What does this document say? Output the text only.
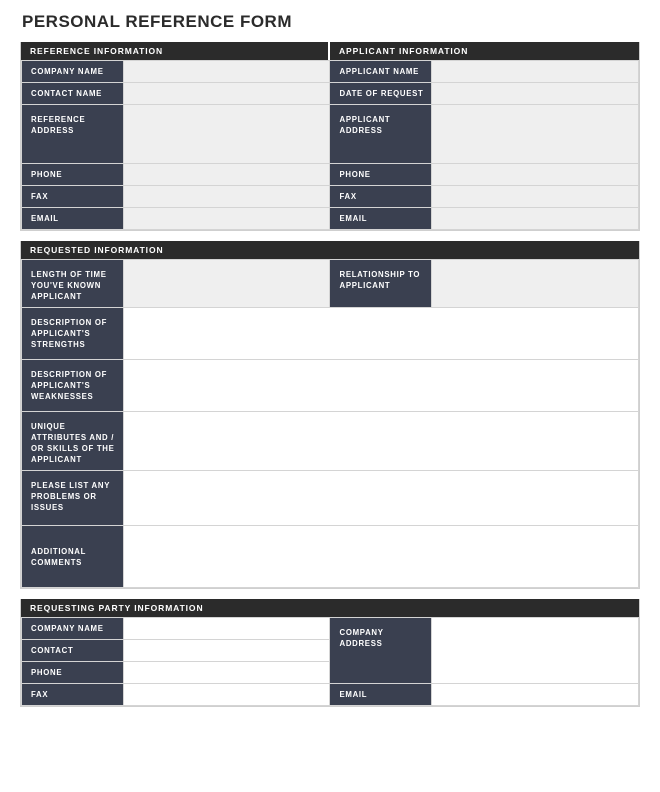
PERSONAL REFERENCE FORM
REFERENCE INFORMATION	APPLICANT INFORMATION
COMPANY NAME		APPLICANT NAME	
CONTACT NAME		DATE OF REQUEST	
REFERENCE ADDRESS		APPLICANT ADDRESS	
PHONE		PHONE	
FAX		FAX	
EMAIL		EMAIL	
REQUESTED INFORMATION
LENGTH OF TIME YOU'VE KNOWN APPLICANT		RELATIONSHIP TO APPLICANT	
DESCRIPTION OF APPLICANT'S STRENGTHS			
DESCRIPTION OF APPLICANT'S WEAKNESSES			
UNIQUE ATTRIBUTES AND / OR SKILLS OF THE APPLICANT			
PLEASE LIST ANY PROBLEMS OR ISSUES			
ADDITIONAL COMMENTS			
REQUESTING PARTY INFORMATION
COMPANY NAME		COMPANY ADDRESS	
CONTACT			
PHONE			
FAX		EMAIL	
